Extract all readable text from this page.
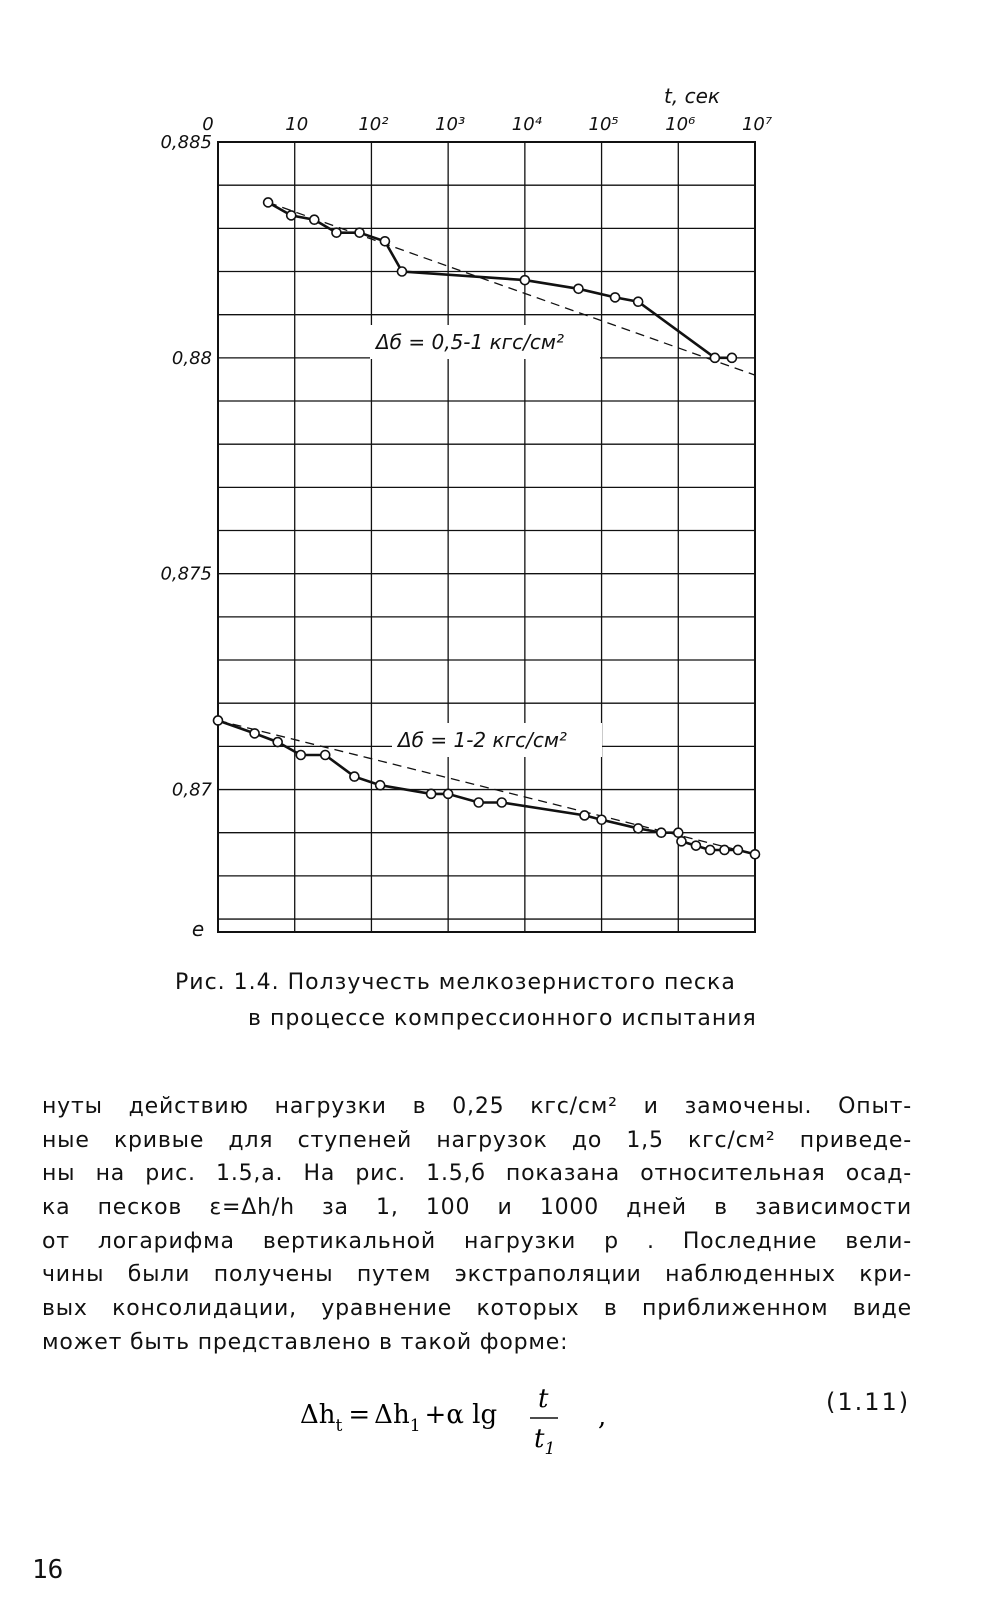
0	10	10²	10³	10⁴	10⁵	10⁶	10⁷
t, сек
0,885
0,88
0,875
0,87
e
Δб = 0,5-1 кгс/см²
Δб = 1-2 кгс/см²
Рис. 1.4. Ползучесть мелкозернистого песка
в процессе компрессионного испытания
нуты действию нагрузки в 0,25 кгс/см² и замочены. Опыт-
ные кривые для ступеней нагрузок до 1,5 кгс/см² приведе-
ны на рис. 1.5,а. На рис. 1.5,б показана относительная осад-
ка песков ε=Δh/h за 1, 100 и 1000 дней в зависимости
от логарифма вертикальной нагрузки p . Последние вели-
чины были получены путем экстраполяции наблюденных кри-
вых консолидации, уравнение которых в приближенном виде
может быть представлено в такой форме:
$\Delta h_t = \Delta h_1 +\alpha$ lg
t
$t_1$
,	(1.11)
16
